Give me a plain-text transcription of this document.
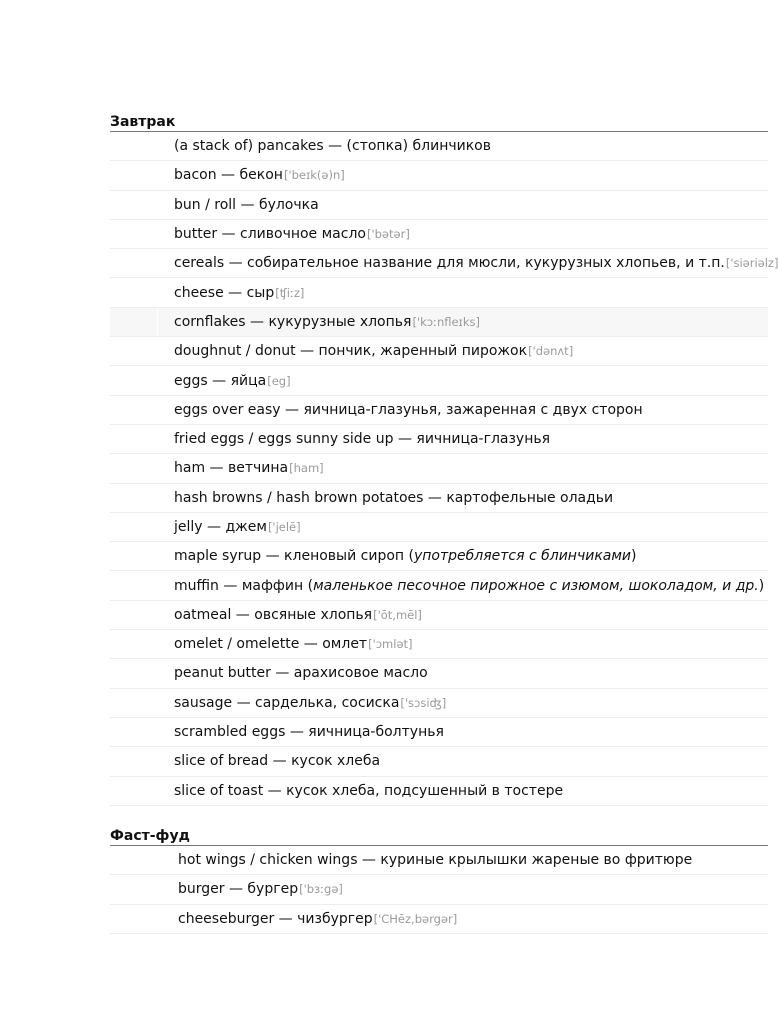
Завтрак
(a stack of) pancakes — (стопка) блинчиков
bacon — бекон ['beɪk(ə)n]
bun / roll — булочка
butter — сливочное масло ['bətər]
cereals — собирательное название для мюсли, кукурузных хлопьев, и т.п. ['siəriəlz]
cheese — сыр [ʧiːz]
cornflakes — кукурузные хлопья ['kɔːnfleɪks]
doughnut / donut — пончик, жаренный пирожок ['dənʌt]
eggs — яйца [eg]
eggs over easy — яичница-глазунья, зажаренная с двух сторон
fried eggs / eggs sunny side up — яичница-глазунья
ham — ветчина [ham]
hash browns / hash brown potatoes — картофельные оладьи
jelly — джем ['jelē]
maple syrup — кленовый сироп ( употребляется с блинчиками )
muffin — маффин ( маленькое песочное пирожное с изюмом, шоколадом, и др. )
oatmeal — овсяные хлопья ['ōt,mēl]
omelet / omelette — омлет ['ɔmlət]
peanut butter — арахисовое масло
sausage — сарделька, сосиска ['sɔsiʤ]
scrambled eggs — яичница-болтунья
slice of bread — кусок хлеба
slice of toast — кусок хлеба, подсушенный в тостере
Фаст-фуд
hot wings / chicken wings — куриные крылышки жареные во фритюре
burger — бургер ['bɜːgə]
cheeseburger — чизбургер ['CHēz,bərgər]
